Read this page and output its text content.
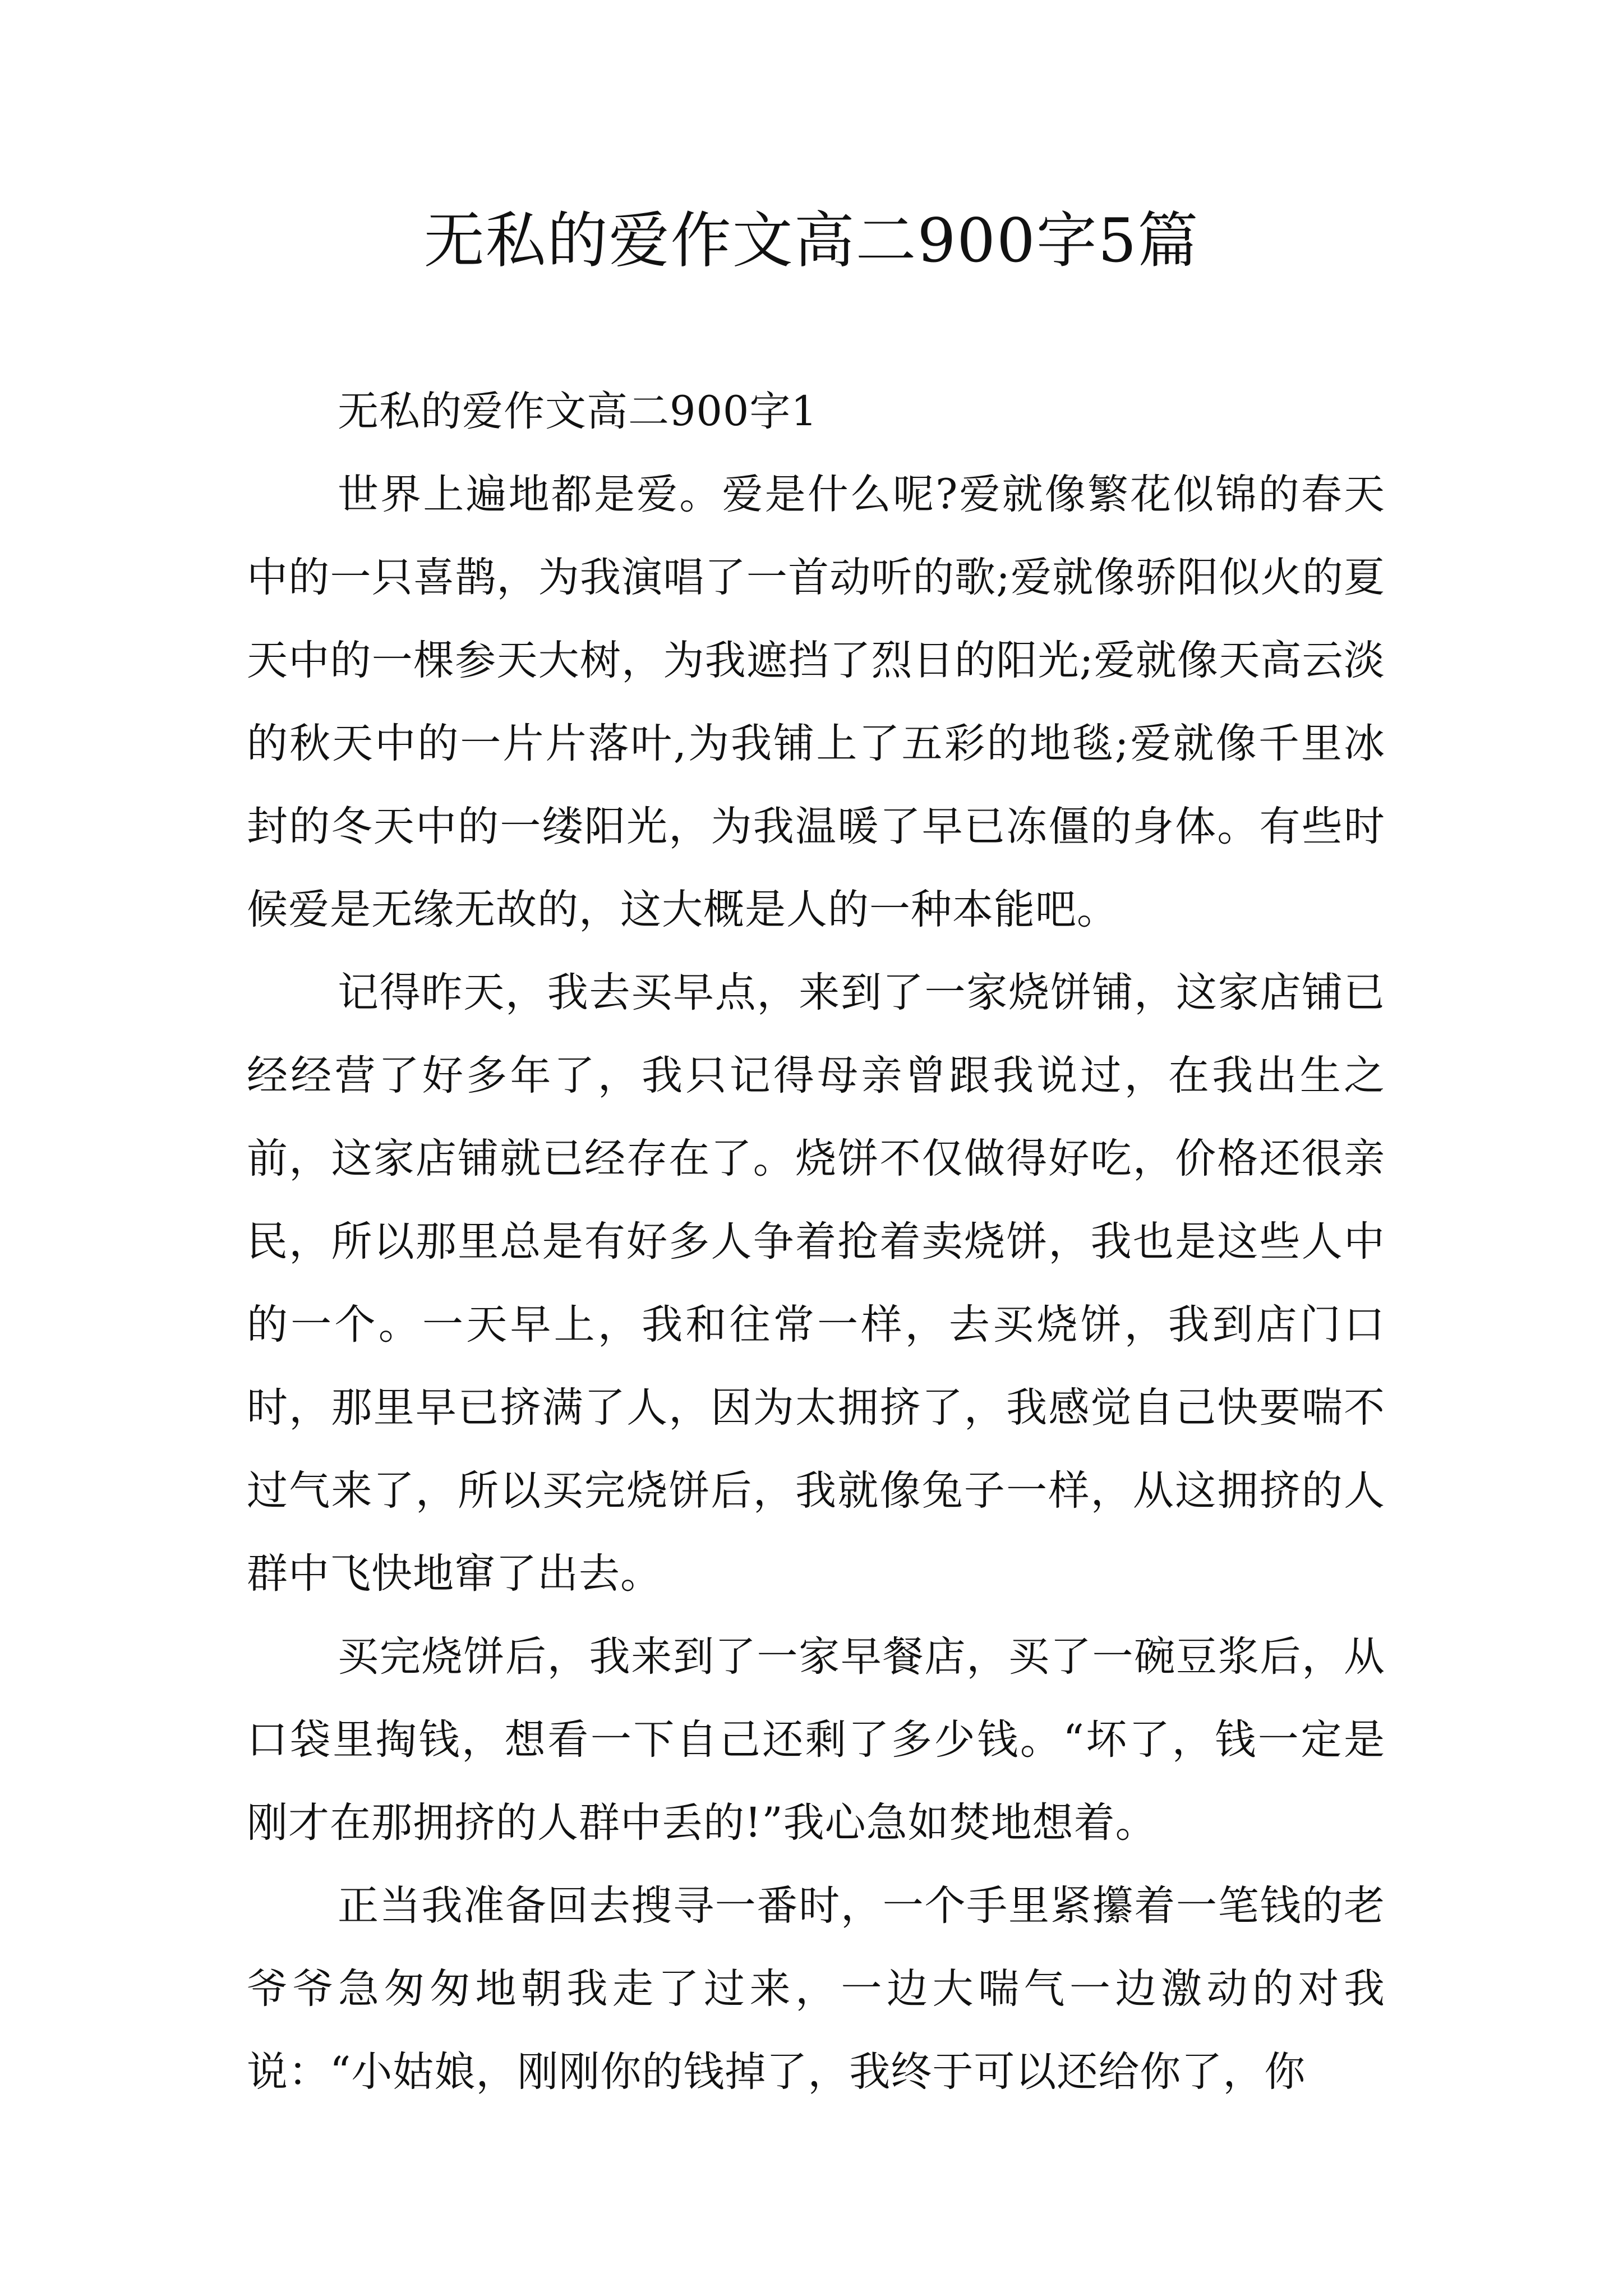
无私的爱作文高二900字5篇

无私的爱作文高二900字1

世界上遍地都是爱。爱是什么呢?爱就像繁花似锦的春天中的一只喜鹊，为我演唱了一首动听的歌;爱就像骄阳似火的夏天中的一棵参天大树，为我遮挡了烈日的阳光;爱就像天高云淡的秋天中的一片片落叶,为我铺上了五彩的地毯;爱就像千里冰封的冬天中的一缕阳光，为我温暖了早已冻僵的身体。有些时候爱是无缘无故的，这大概是人的一种本能吧。

记得昨天，我去买早点，来到了一家烧饼铺，这家店铺已经经营了好多年了，我只记得母亲曾跟我说过，在我出生之前，这家店铺就已经存在了。烧饼不仅做得好吃，价格还很亲民，所以那里总是有好多人争着抢着卖烧饼，我也是这些人中的一个。一天早上，我和往常一样，去买烧饼，我到店门口时，那里早已挤满了人，因为太拥挤了，我感觉自己快要喘不过气来了，所以买完烧饼后，我就像兔子一样，从这拥挤的人群中飞快地窜了出去。

买完烧饼后，我来到了一家早餐店，买了一碗豆浆后，从口袋里掏钱，想看一下自己还剩了多少钱。“坏了，钱一定是刚才在那拥挤的人群中丢的!”我心急如焚地想着。

正当我准备回去搜寻一番时，一个手里紧攥着一笔钱的老爷爷急匆匆地朝我走了过来，一边大喘气一边激动的对我说：“小姑娘，刚刚你的钱掉了，我终于可以还给你了，你
